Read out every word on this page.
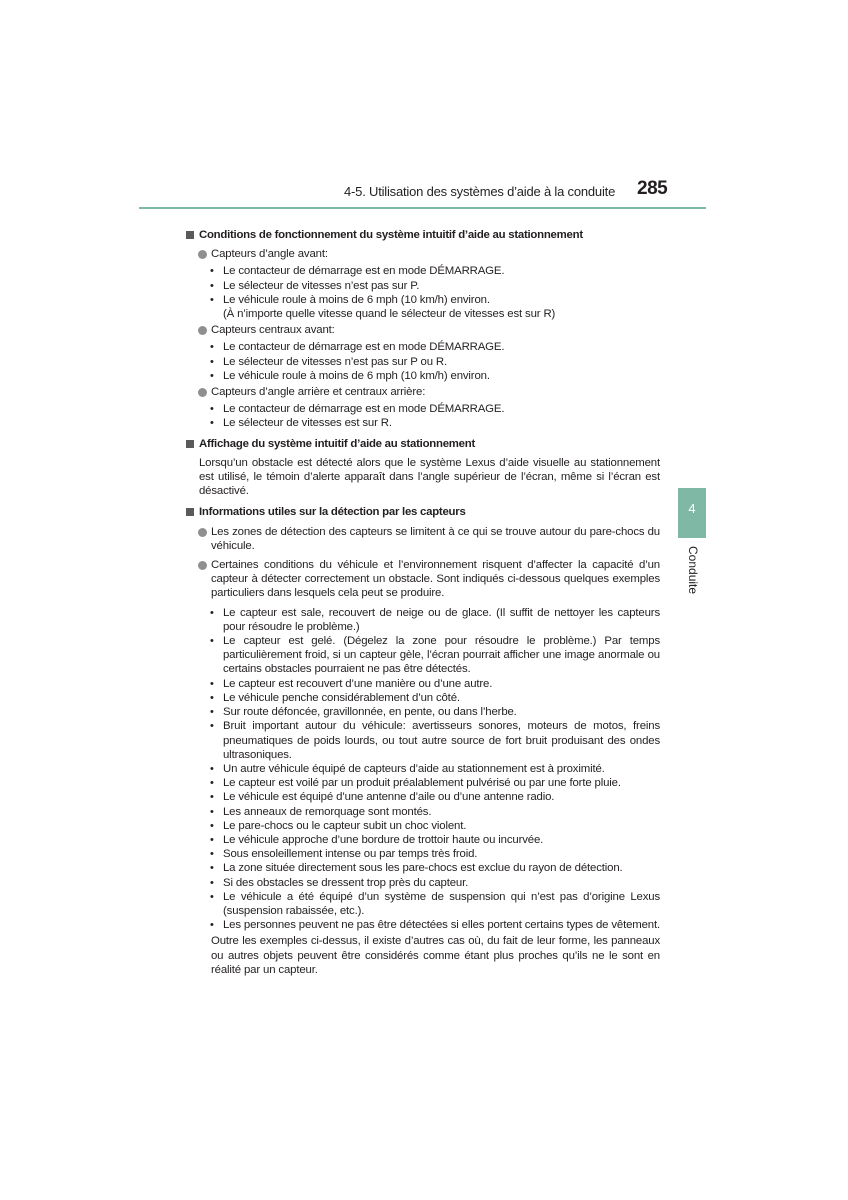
4-5. Utilisation des systèmes d’aide à la conduite 285
4
Conduite
Conditions de fonctionnement du système intuitif d’aide au stationnement
Capteurs d’angle avant:
• Le contacteur de démarrage est en mode DÉMARRAGE.
• Le sélecteur de vitesses n’est pas sur P.
• Le véhicule roule à moins de 6 mph (10 km/h) environ.
(À n’importe quelle vitesse quand le sélecteur de vitesses est sur R)
Capteurs centraux avant:
• Le contacteur de démarrage est en mode DÉMARRAGE.
• Le sélecteur de vitesses n’est pas sur P ou R.
• Le véhicule roule à moins de 6 mph (10 km/h) environ.
Capteurs d’angle arrière et centraux arrière:
• Le contacteur de démarrage est en mode DÉMARRAGE.
• Le sélecteur de vitesses est sur R.
Affichage du système intuitif d’aide au stationnement
Lorsqu’un obstacle est détecté alors que le système Lexus d’aide visuelle au stationnement est utilisé, le témoin d’alerte apparaît dans l’angle supérieur de l’écran, même si l’écran est désactivé.
Informations utiles sur la détection par les capteurs
Les zones de détection des capteurs se limitent à ce qui se trouve autour du pare-chocs du véhicule.
Certaines conditions du véhicule et l’environnement risquent d’affecter la capacité d’un capteur à détecter correctement un obstacle. Sont indiqués ci-dessous quelques exemples particuliers dans lesquels cela peut se produire.
• Le capteur est sale, recouvert de neige ou de glace. (Il suffit de nettoyer les capteurs pour résoudre le problème.)
• Le capteur est gelé. (Dégelez la zone pour résoudre le problème.) Par temps particulièrement froid, si un capteur gèle, l’écran pourrait afficher une image anormale ou certains obstacles pourraient ne pas être détectés.
• Le capteur est recouvert d’une manière ou d’une autre.
• Le véhicule penche considérablement d’un côté.
• Sur route défoncée, gravillonnée, en pente, ou dans l’herbe.
• Bruit important autour du véhicule: avertisseurs sonores, moteurs de motos, freins pneumatiques de poids lourds, ou tout autre source de fort bruit produisant des ondes ultrasoniques.
• Un autre véhicule équipé de capteurs d’aide au stationnement est à proximité.
• Le capteur est voilé par un produit préalablement pulvérisé ou par une forte pluie.
• Le véhicule est équipé d’une antenne d’aile ou d’une antenne radio.
• Les anneaux de remorquage sont montés.
• Le pare-chocs ou le capteur subit un choc violent.
• Le véhicule approche d’une bordure de trottoir haute ou incurvée.
• Sous ensoleillement intense ou par temps très froid.
• La zone située directement sous les pare-chocs est exclue du rayon de détection.
• Si des obstacles se dressent trop près du capteur.
• Le véhicule a été équipé d’un système de suspension qui n’est pas d’origine Lexus (suspension rabaissée, etc.).
• Les personnes peuvent ne pas être détectées si elles portent certains types de vêtement.
Outre les exemples ci-dessus, il existe d’autres cas où, du fait de leur forme, les panneaux ou autres objets peuvent être considérés comme étant plus proches qu’ils ne le sont en réalité par un capteur.
